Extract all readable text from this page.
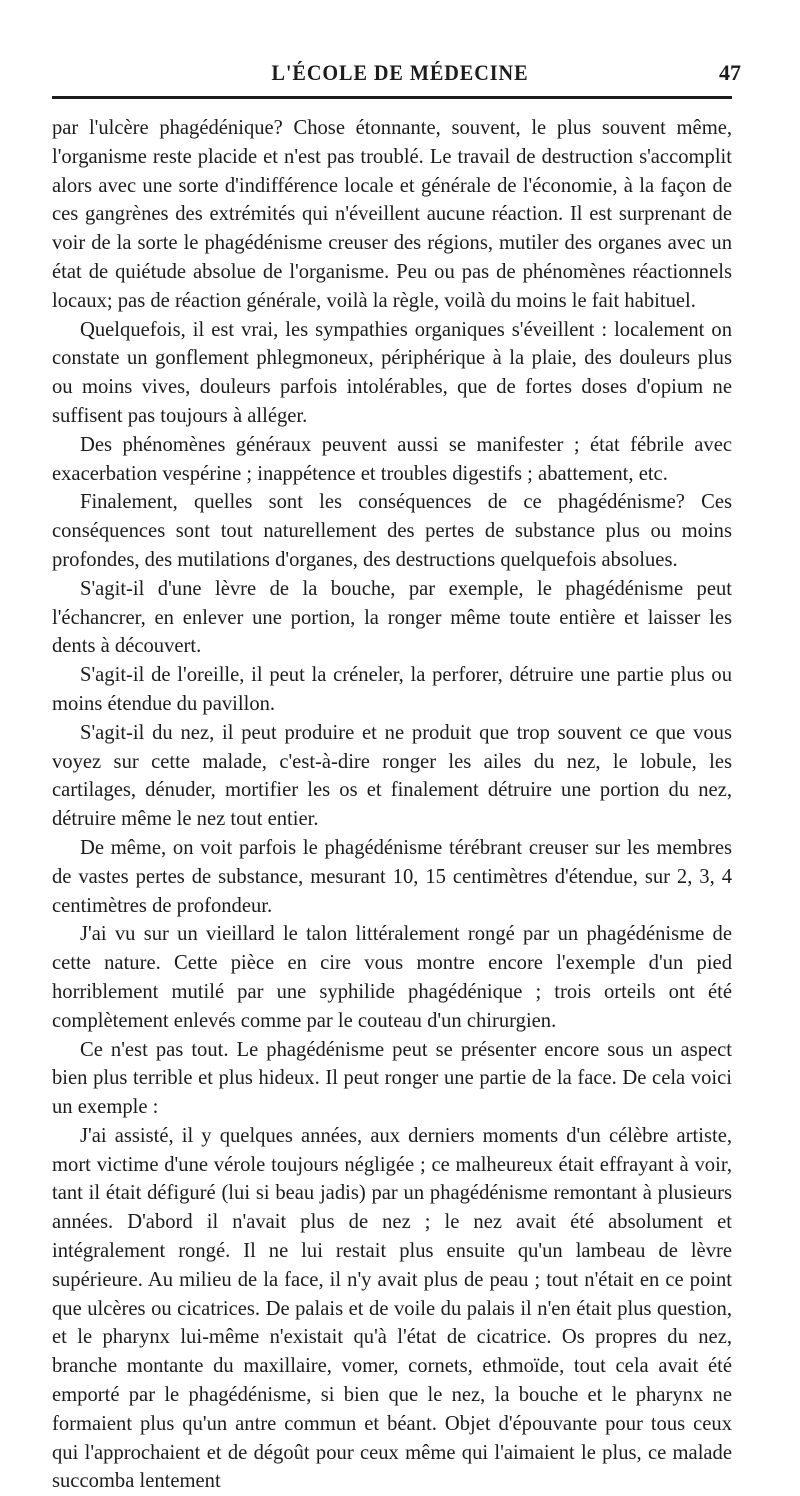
L'ÉCOLE DE MÉDECINE	47

par l'ulcère phagédénique? Chose étonnante, souvent, le plus souvent même, l'organisme reste placide et n'est pas troublé. Le travail de destruction s'accomplit alors avec une sorte d'indifférence locale et générale de l'économie, à la façon de ces gangrènes des extrémités qui n'éveillent aucune réaction. Il est surprenant de voir de la sorte le phagédénisme creuser des régions, mutiler des organes avec un état de quiétude absolue de l'organisme. Peu ou pas de phénomènes réactionnels locaux; pas de réaction générale, voilà la règle, voilà du moins le fait habituel.

Quelquefois, il est vrai, les sympathies organiques s'éveillent : localement on constate un gonflement phlegmoneux, périphérique à la plaie, des douleurs plus ou moins vives, douleurs parfois intolérables, que de fortes doses d'opium ne suffisent pas toujours à alléger.

Des phénomènes généraux peuvent aussi se manifester ; état fébrile avec exacerbation vespérine ; inappétence et troubles digestifs ; abattement, etc.

Finalement, quelles sont les conséquences de ce phagédénisme? Ces conséquences sont tout naturellement des pertes de substance plus ou moins profondes, des mutilations d'organes, des destructions quelquefois absolues.

S'agit-il d'une lèvre de la bouche, par exemple, le phagédénisme peut l'échancrer, en enlever une portion, la ronger même toute entière et laisser les dents à découvert.

S'agit-il de l'oreille, il peut la créneler, la perforer, détruire une partie plus ou moins étendue du pavillon.

S'agit-il du nez, il peut produire et ne produit que trop souvent ce que vous voyez sur cette malade, c'est-à-dire ronger les ailes du nez, le lobule, les cartilages, dénuder, mortifier les os et finalement détruire une portion du nez, détruire même le nez tout entier.

De même, on voit parfois le phagédénisme térébrant creuser sur les membres de vastes pertes de substance, mesurant 10, 15 centimètres d'étendue, sur 2, 3, 4 centimètres de profondeur.

J'ai vu sur un vieillard le talon littéralement rongé par un phagédénisme de cette nature. Cette pièce en cire vous montre encore l'exemple d'un pied horriblement mutilé par une syphilide phagédénique ; trois orteils ont été complètement enlevés comme par le couteau d'un chirurgien.

Ce n'est pas tout. Le phagédénisme peut se présenter encore sous un aspect bien plus terrible et plus hideux. Il peut ronger une partie de la face. De cela voici un exemple :

J'ai assisté, il y quelques années, aux derniers moments d'un célèbre artiste, mort victime d'une vérole toujours négligée ; ce malheureux était effrayant à voir, tant il était défiguré (lui si beau jadis) par un phagédénisme remontant à plusieurs années. D'abord il n'avait plus de nez ; le nez avait été absolument et intégralement rongé. Il ne lui restait plus ensuite qu'un lambeau de lèvre supérieure. Au milieu de la face, il n'y avait plus de peau ; tout n'était en ce point que ulcères ou cicatrices. De palais et de voile du palais il n'en était plus question, et le pharynx lui-même n'existait qu'à l'état de cicatrice. Os propres du nez, branche montante du maxillaire, vomer, cornets, ethmoïde, tout cela avait été emporté par le phagédénisme, si bien que le nez, la bouche et le pharynx ne formaient plus qu'un antre commun et béant. Objet d'épouvante pour tous ceux qui l'approchaient et de dégoût pour ceux même qui l'aimaient le plus, ce malade succomba lentement
